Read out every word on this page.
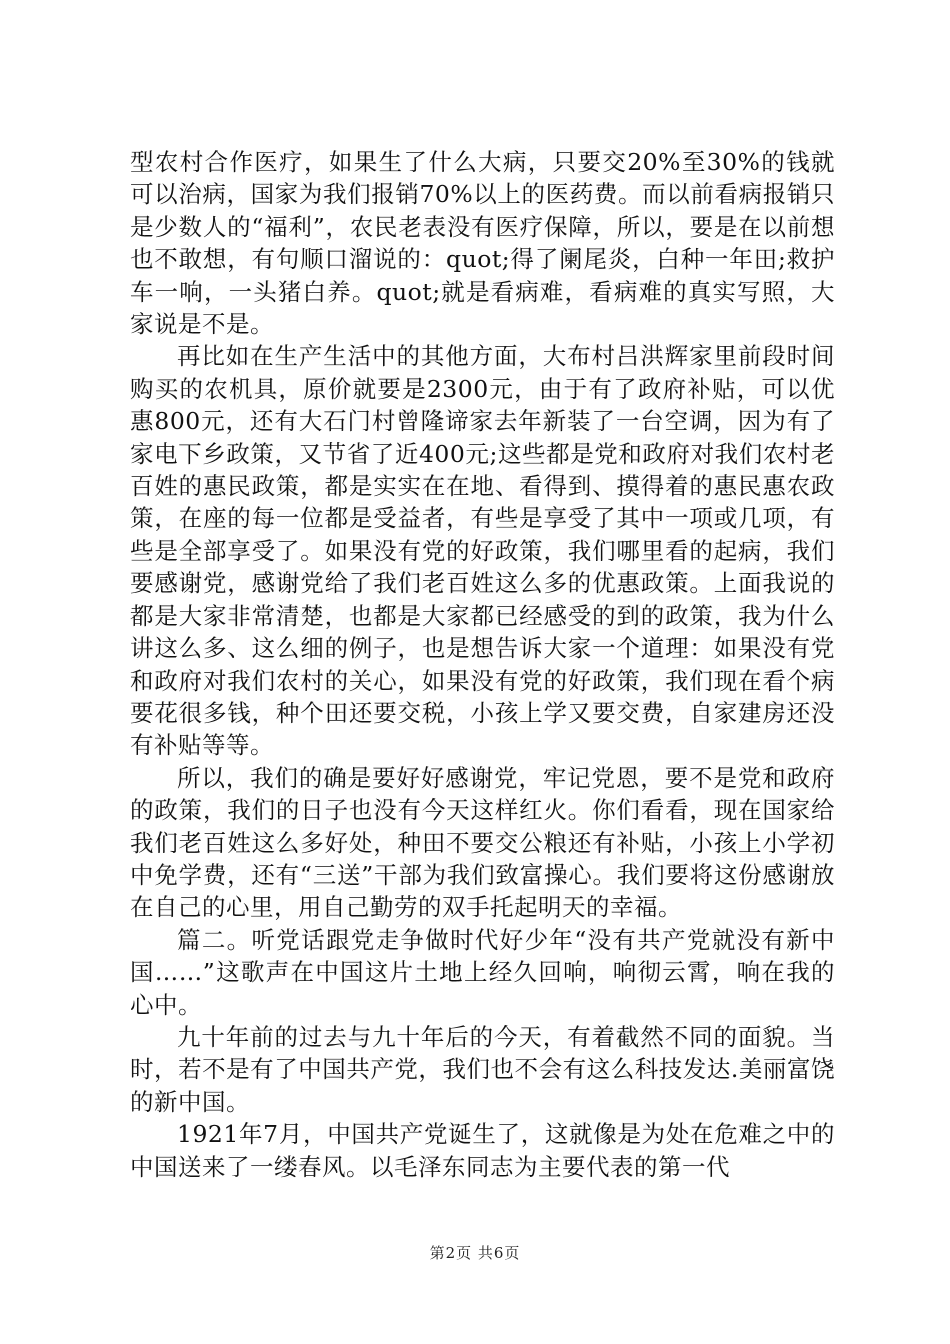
型农村合作医疗，如果生了什么大病，只要交20%至30%的钱就可以治病，国家为我们报销70%以上的医药费。而以前看病报销只是少数人的“福利”，农民老表没有医疗保障，所以，要是在以前想也不敢想，有句顺口溜说的：quot;得了阑尾炎，白种一年田;救护车一响，一头猪白养。quot;就是看病难，看病难的真实写照，大家说是不是。

再比如在生产生活中的其他方面，大布村吕洪辉家里前段时间购买的农机具，原价就要是2300元，由于有了政府补贴，可以优惠800元，还有大石门村曾隆谛家去年新装了一台空调，因为有了家电下乡政策，又节省了近400元;这些都是党和政府对我们农村老百姓的惠民政策，都是实实在在地、看得到、摸得着的惠民惠农政策，在座的每一位都是受益者，有些是享受了其中一项或几项，有些是全部享受了。如果没有党的好政策，我们哪里看的起病，我们要感谢党，感谢党给了我们老百姓这么多的优惠政策。上面我说的都是大家非常清楚，也都是大家都已经感受的到的政策，我为什么讲这么多、这么细的例子，也是想告诉大家一个道理：如果没有党和政府对我们农村的关心，如果没有党的好政策，我们现在看个病要花很多钱，种个田还要交税，小孩上学又要交费，自家建房还没有补贴等等。

所以，我们的确是要好好感谢党，牢记党恩，要不是党和政府的政策，我们的日子也没有今天这样红火。你们看看，现在国家给我们老百姓这么多好处，种田不要交公粮还有补贴，小孩上小学初中免学费，还有“三送”干部为我们致富操心。我们要将这份感谢放在自己的心里，用自己勤劳的双手托起明天的幸福。

篇二。听党话跟党走争做时代好少年“没有共产党就没有新中国……”这歌声在中国这片土地上经久回响，响彻云霄，响在我的心中。

九十年前的过去与九十年后的今天，有着截然不同的面貌。当时，若不是有了中国共产党，我们也不会有这么科技发达.美丽富饶的新中国。

1921年7月，中国共产党诞生了，这就像是为处在危难之中的中国送来了一缕春风。以毛泽东同志为主要代表的第一代

第2页 共6页
